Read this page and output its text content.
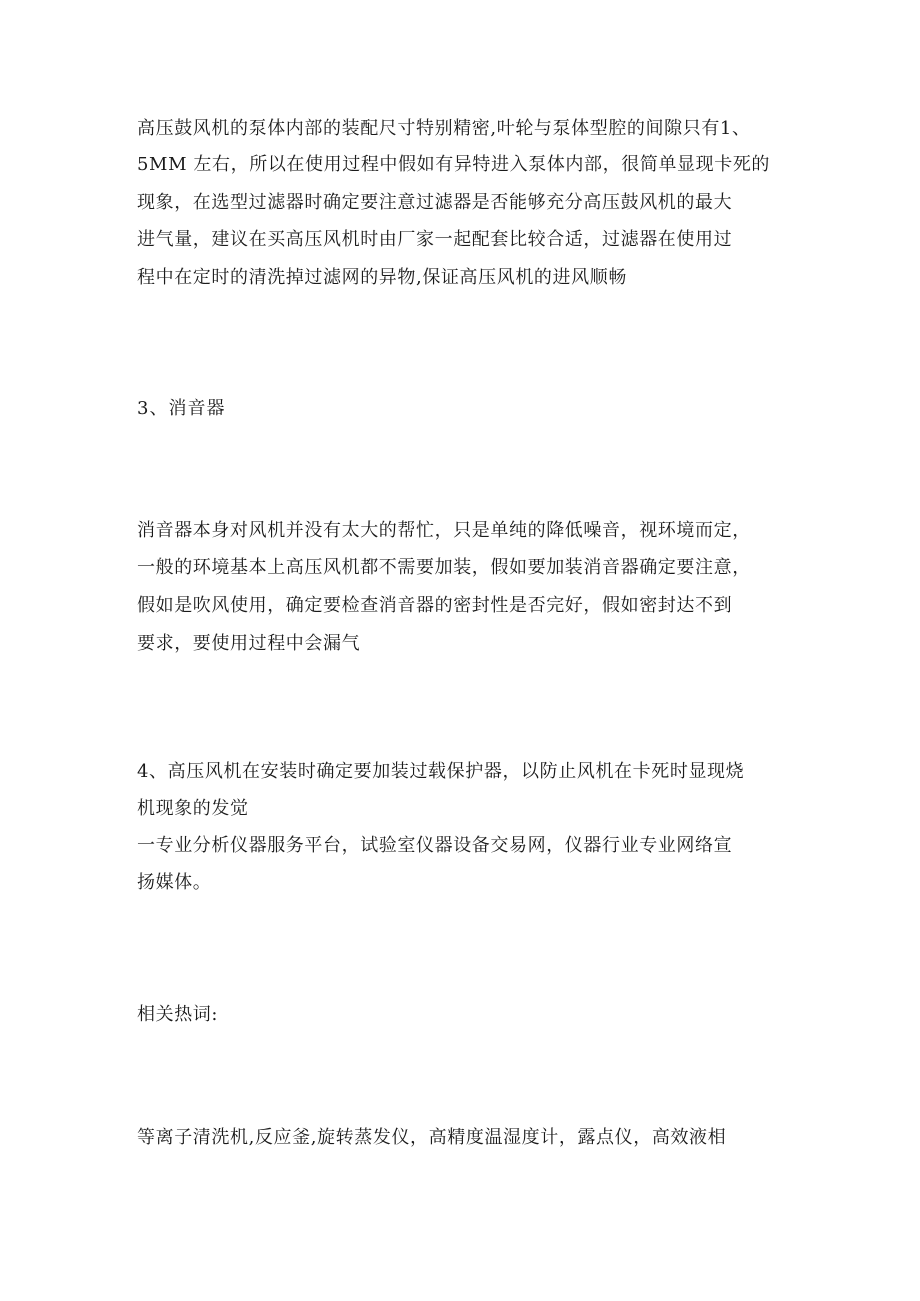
高压鼓风机的泵体内部的装配尺寸特别精密,叶轮与泵体型腔的间隙只有1、
5MM 左右，所以在使用过程中假如有异特进入泵体内部，很简单显现卡死的
现象，在选型过滤器时确定要注意过滤器是否能够充分高压鼓风机的最大
进气量，建议在买高压风机时由厂家一起配套比较合适，过滤器在使用过
程中在定时的清洗掉过滤网的异物,保证高压风机的进风顺畅
3、消音器
消音器本身对风机并没有太大的帮忙，只是单纯的降低噪音，视环境而定，
一般的环境基本上高压风机都不需要加装，假如要加装消音器确定要注意，
假如是吹风使用，确定要检查消音器的密封性是否完好，假如密封达不到
要求，要使用过程中会漏气
4、高压风机在安装时确定要加装过载保护器，以防止风机在卡死时显现烧
机现象的发觉
一专业分析仪器服务平台，试验室仪器设备交易网，仪器行业专业网络宣
扬媒体。
相关热词:
等离子清洗机,反应釜,旋转蒸发仪，高精度温湿度计，露点仪，高效液相
